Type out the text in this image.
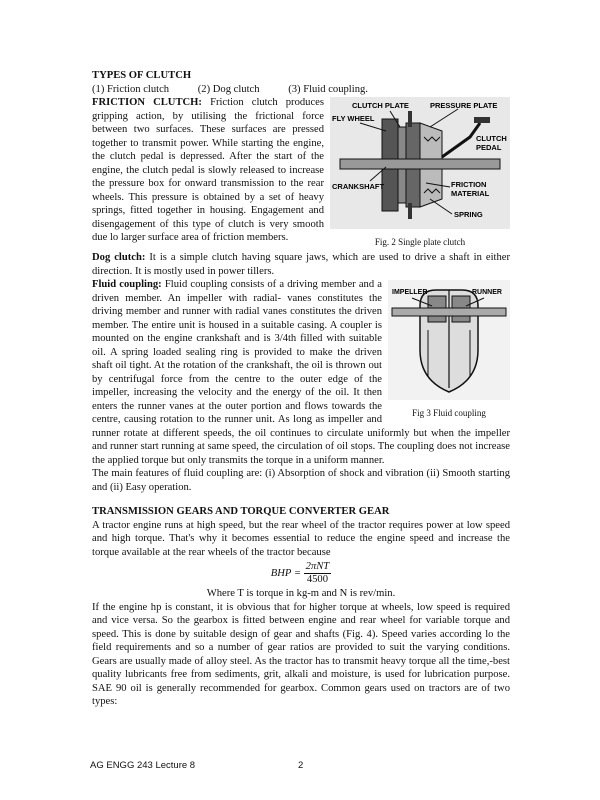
TYPES OF CLUTCH

(1) Friction clutch	(2) Dog clutch	(3) Fluid coupling.

CLUTCH PLATE	PRESSURE PLATE
FLY WHEEL
CLUTCH
PEDAL
CRANKSHAFT	FRICTION
MATERIAL
SPRING
Fig. 2 Single plate clutch

FRICTION CLUTCH: Friction clutch produces gripping action, by utilising the frictional force between two surfaces. These surfaces are pressed together to transmit power. While starting the engine, the clutch pedal is depressed. After the start of the engine, the clutch pedal is slowly released to increase the pressure box for onward transmission to the rear wheels. This pressure is obtained by a set of heavy springs, fitted together in housing. Engagement and disengagement of this type of clutch is very smooth due lo larger surface area of friction members.

Dog clutch: It is a simple clutch having square jaws, which are used to drive a shaft in either direction. It is mostly used in power tillers.

IMPELLER	RUNNER
Fig 3 Fluid coupling

Fluid coupling: Fluid coupling consists of a driving member and a driven member. An impeller with radial- vanes constitutes the driving member and runner with radial vanes constitutes the driven member. The entire unit is housed in a suitable casing. A coupler is mounted on the engine crankshaft and is 3/4th filled with suitable oil. A spring loaded sealing ring is provided to make the driven shaft oil tight. At the rotation of the crankshaft, the oil is thrown out by centrifugal force from the centre to the outer edge of the impeller, increasing the velocity and the energy of the oil. It then enters the runner vanes at the outer portion and flows towards the centre, causing rotation to the runner unit. As long as impeller and runner rotate at different speeds, the oil continues to circulate uniformly but when the impeller and runner start running at same speed, the circulation of oil stops. The coupling does not increase the applied torque but only transmits the torque in a uniform manner.

The main features of fluid coupling are: (i) Absorption of shock and vibration (ii) Smooth starting and (ii) Easy operation.

TRANSMISSION GEARS AND TORQUE CONVERTER GEAR

A tractor engine runs at high speed, but the rear wheel of the tractor requires power at low speed and high torque. That's why it becomes essential to reduce the engine speed and increase the torque available at the rear wheels of the tractor because

BHP = $\frac{\text{2πNT}}{4500}$

Where T is torque in kg-m and N is rev/min.

If the engine hp is constant, it is obvious that for higher torque at wheels, low speed is required and vice versa. So the gearbox is fitted between engine and rear wheel for variable torque and speed. This is done by suitable design of gear and shafts (Fig. 4). Speed varies according lo the field requirements and so a number of gear ratios are provided to suit the varying conditions. Gears are usually made of alloy steel. As the tractor has to transmit heavy torque all the time,-best quality lubricants free from sediments, grit, alkali and moisture, is used for lubrication purpose. SAE 90 oil is generally recommended for gearbox. Common gears used on tractors are of two types:

AG ENGG 243 Lecture 8	2
